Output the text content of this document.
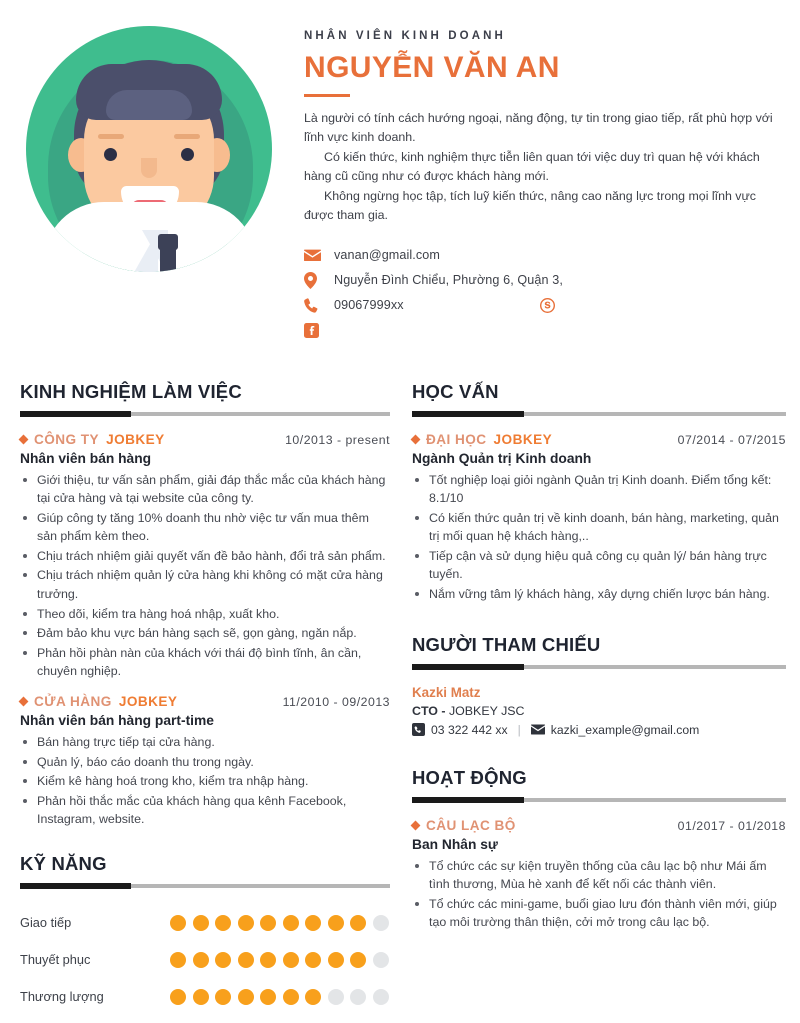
NHÂN VIÊN KINH DOANH
NGUYỄN VĂN AN

Là người có tính cách hướng ngoại, năng động, tự tin trong giao tiếp, rất phù hợp với lĩnh vực kinh doanh.

Có kiến thức, kinh nghiệm thực tiễn liên quan tới việc duy trì quan hệ với khách hàng cũ cũng như có được khách hàng mới.

Không ngừng học tập, tích luỹ kiến thức, nâng cao năng lực trong mọi lĩnh vực được tham gia.

vanan@gmail.com
Nguyễn Đình Chiểu, Phường 6, Quận 3,
09067999xx
KINH NGHIỆM LÀM VIỆC
CÔNG TY JOBKEY	10/2013 - present
Nhân viên bán hàng
Giới thiệu, tư vấn sản phẩm, giải đáp thắc mắc của khách hàng tại cửa hàng và tại website của công ty.
Giúp công ty tăng 10% doanh thu nhờ việc tư vấn mua thêm sản phẩm kèm theo.
Chịu trách nhiệm giải quyết vấn đề bảo hành, đổi trả sản phẩm.
Chịu trách nhiệm quản lý cửa hàng khi không có mặt cửa hàng trưởng.
Theo dõi, kiểm tra hàng hoá nhập, xuất kho.
Đảm bảo khu vực bán hàng sạch sẽ, gọn gàng, ngăn nắp.
Phản hồi phàn nàn của khách với thái độ bình tĩnh, ân cần, chuyên nghiệp.
CỬA HÀNG JOBKEY	11/2010 - 09/2013
Nhân viên bán hàng part-time
Bán hàng trực tiếp tại cửa hàng.
Quản lý, báo cáo doanh thu trong ngày.
Kiểm kê hàng hoá trong kho, kiểm tra nhập hàng.
Phản hồi thắc mắc của khách hàng qua kênh Facebook, Instagram, website.
KỸ NĂNG
Giao tiếp
Thuyết phục
Thương lượng
HỌC VẤN
ĐẠI HỌC JOBKEY	07/2014 - 07/2015
Ngành Quản trị Kinh doanh
Tốt nghiệp loại giỏi ngành Quản trị Kinh doanh. Điểm tổng kết: 8.1/10
Có kiến thức quản trị về kinh doanh, bán hàng, marketing, quản trị mối quan hệ khách hàng,..
Tiếp cận và sử dụng hiệu quả công cụ quản lý/ bán hàng trực tuyến.
Nắm vững tâm lý khách hàng, xây dựng chiến lược bán hàng.
NGƯỜI THAM CHIẾU
Kazki Matz
CTO - JOBKEY JSC
03 322 442 xx | kazki_example@gmail.com
HOẠT ĐỘNG
CÂU LẠC BỘ	01/2017 - 01/2018
Ban Nhân sự
Tổ chức các sự kiện truyền thống của câu lạc bộ như Mái ấm tình thương, Mùa hè xanh để kết nối các thành viên.
Tổ chức các mini-game, buổi giao lưu đón thành viên mới, giúp tạo môi trường thân thiện, cởi mở trong câu lạc bộ.
